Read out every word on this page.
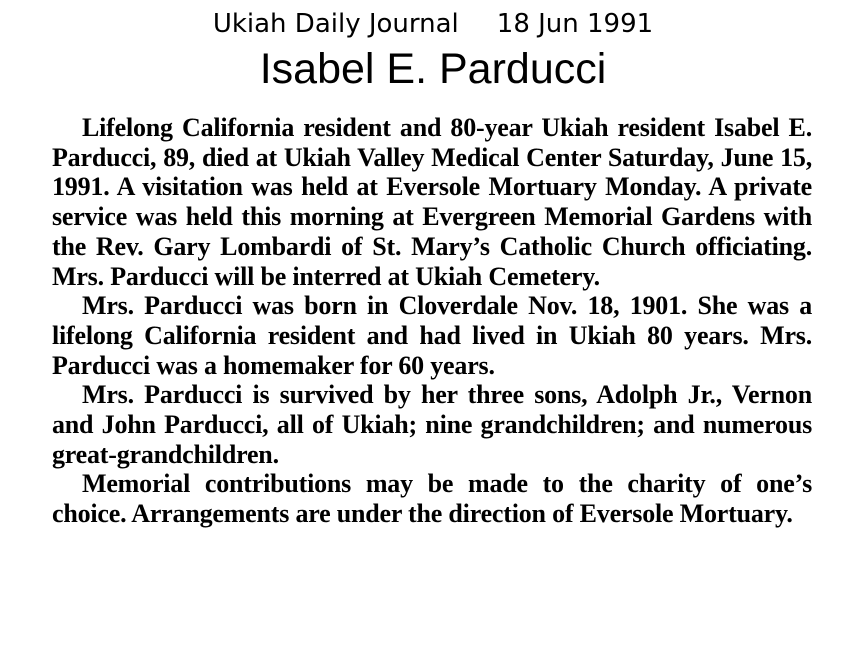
Ukiah Daily Journal 18 Jun 1991
Isabel E. Parducci

Lifelong California resident and 80-year Ukiah resident Isabel E. Parducci, 89, died at Ukiah Valley Medical Center Saturday, June 15, 1991. A visitation was held at Eversole Mortuary Monday. A private service was held this morning at Evergreen Memorial Gardens with the Rev. Gary Lombardi of St. Mary’s Catholic Church officiating. Mrs. Parducci will be interred at Ukiah Cemetery.

Mrs. Parducci was born in Cloverdale Nov. 18, 1901. She was a lifelong California resident and had lived in Ukiah 80 years. Mrs. Parducci was a homemaker for 60 years.

Mrs. Parducci is survived by her three sons, Adolph Jr., Vernon and John Parducci, all of Ukiah; nine grandchildren; and numerous great-grandchildren.

Memorial contributions may be made to the charity of one’s choice. Arrangements are under the direction of Eversole Mortuary.
